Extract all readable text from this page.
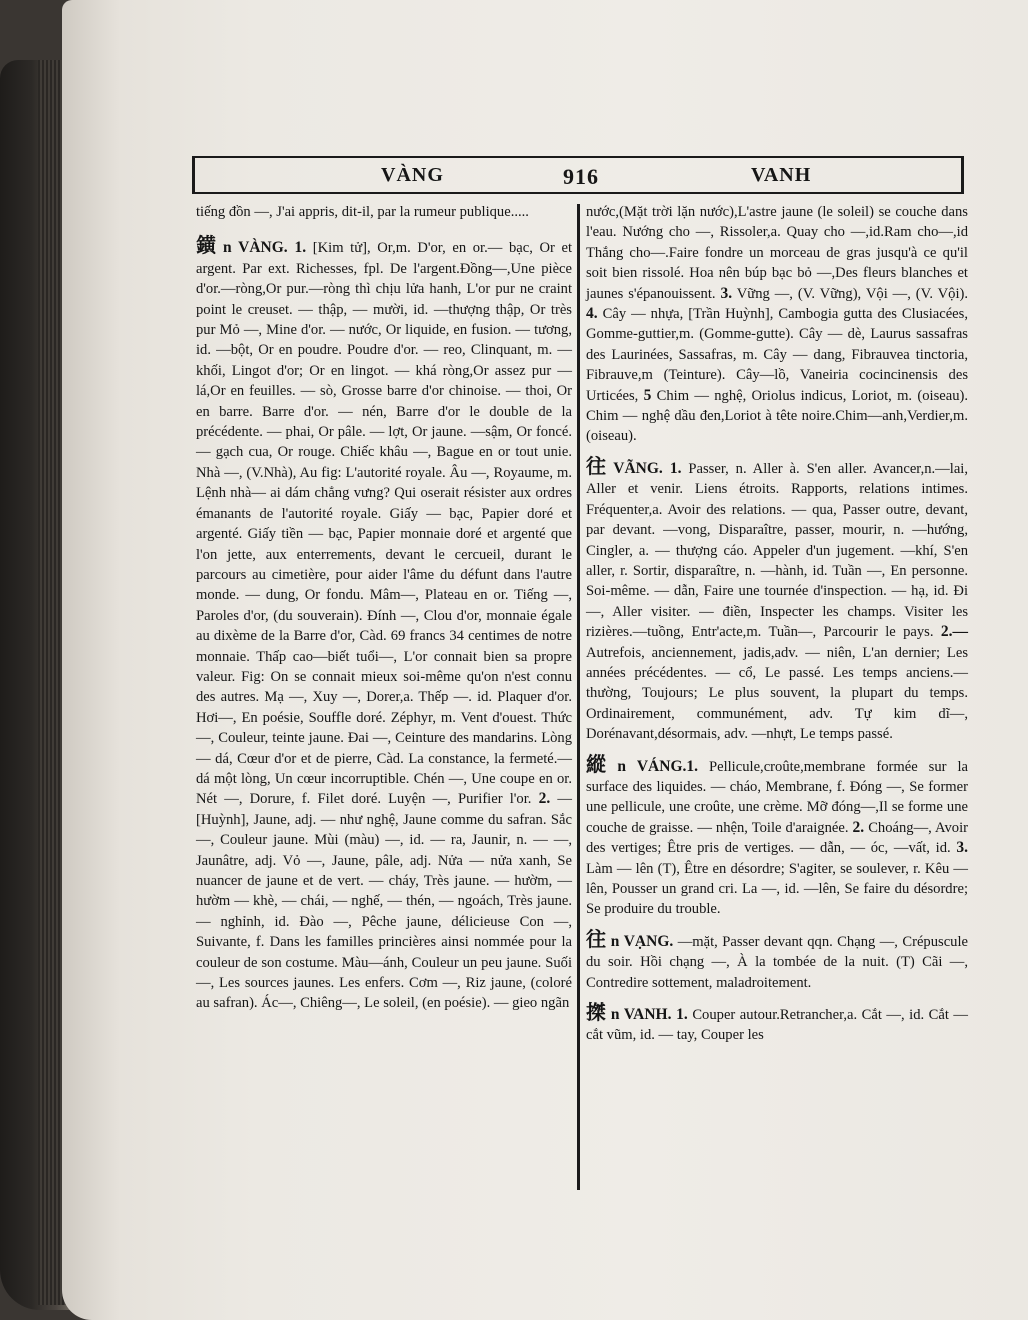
VÀNG	916	VANH

tiếng đồn —, J'ai appris, dit-il, par la rumeur publique.....

鐄 n VÀNG. 1. [Kim tử], Or,m. D'or, en or.— bạc, Or et argent. Par ext. Richesses, fpl. De l'argent.Đồng—,Une pièce d'or.—ròng,Or pur.—ròng thì chịu lửa hanh, L'or pur ne craint point le creuset. — thập, — mười, id. —thượng thập, Or très pur Mỏ —, Mine d'or. — nước, Or liquide, en fusion. — tương, id. —bột, Or en poudre. Poudre d'or. — reo, Clinquant, m. — khối, Lingot d'or; Or en lingot. — khá ròng,Or assez pur —lá,Or en feuilles. — sò, Grosse barre d'or chinoise. — thoi, Or en barre. Barre d'or. — nén, Barre d'or le double de la précédente. — phai, Or pâle. — lợt, Or jaune. —sậm, Or foncé.— gạch cua, Or rouge. Chiếc khâu —, Bague en or tout unie. Nhà —, (V.Nhà), Au fig: L'autorité royale. Âu —, Royaume, m. Lệnh nhà— ai dám chẳng vưng? Qui oserait résister aux ordres émanants de l'autorité royale. Giấy — bạc, Papier doré et argenté. Giấy tiền — bạc, Papier monnaie doré et argenté que l'on jette, aux enterrements, devant le cercueil, durant le parcours au cimetière, pour aider l'âme du défunt dans l'autre monde. — dung, Or fondu. Mâm—, Plateau en or. Tiếng —, Paroles d'or, (du souverain). Đính —, Clou d'or, monnaie égale au dixème de la Barre d'or, Càd. 69 francs 34 centimes de notre monnaie. Thấp cao—biết tuổi—, L'or connait bien sa propre valeur. Fig: On se connait mieux soi-même qu'on n'est connu des autres. Mạ —, Xuy —, Dorer,a. Thếp —. id. Plaquer d'or. Hơi—, En poésie, Souffle doré. Zéphyr, m. Vent d'ouest. Thức —, Couleur, teinte jaune. Đai —, Ceinture des mandarins. Lòng — dá, Cœur d'or et de pierre, Càd. La constance, la fermeté.—dá một lòng, Un cœur incorruptible. Chén —, Une coupe en or. Nét —, Dorure, f. Filet doré. Luyện —, Purifier l'or. 2. — [Huỳnh], Jaune, adj. — như nghệ, Jaune comme du safran. Sắc —, Couleur jaune. Mùi (màu) —, id. — ra, Jaunir, n. — —, Jaunâtre, adj. Vỏ —, Jaune, pâle, adj. Nửa — nửa xanh, Se nuancer de jaune et de vert. — cháy, Très jaune. — hườm, — hườm — khè, — chái, — nghế, — thén, — ngoách, Très jaune. — nghỉnh, id. Đào —, Pêche jaune, délicieuse Con —, Suivante, f. Dans les familles princières ainsi nommée pour la couleur de son costume. Màu—ánh, Couleur un peu jaune. Suối—, Les sources jaunes. Les enfers. Cơm —, Riz jaune, (coloré au safran). Ác—, Chiêng—, Le soleil, (en poésie). — gieo ngãn

nước,(Mặt trời lặn nước),L'astre jaune (le soleil) se couche dans l'eau. Nướng cho —, Rissoler,a. Quay cho —,id.Ram cho—,id Thắng cho—.Faire fondre un morceau de gras jusqu'à ce qu'il soit bien rissolé. Hoa nên búp bạc bỏ —,Des fleurs blanches et jaunes s'épanouissent. 3. Vững —, (V. Vững), Vội —, (V. Vội). 4. Cây — nhựa, [Trần Huỳnh], Cambogia gutta des Clusiacées, Gomme-guttier,m. (Gomme-gutte). Cây — dè, Laurus sassafras des Laurinées, Sassafras, m. Cây — dang, Fibrauvea tinctoria, Fibrauve,m (Teinture). Cây—lồ, Vaneiria cocincinensis des Urticées, 5 Chim — nghệ, Oriolus indicus, Loriot, m. (oiseau). Chim — nghệ dầu đen,Loriot à tête noire.Chim—anh,Verdier,m. (oiseau).

往 VÃNG. 1. Passer, n. Aller à. S'en aller. Avancer,n.—lai, Aller et venir. Liens étroits. Rapports, relations intimes. Fréquenter,a. Avoir des relations. — qua, Passer outre, devant, par devant. —vong, Disparaître, passer, mourir, n. —hướng, Cingler, a. — thượng cáo. Appeler d'un jugement. —khí, S'en aller, r. Sortir, disparaître, n. —hành, id. Tuần —, En personne. Soi-même. — dẫn, Faire une tournée d'inspection. — hạ, id. Đi —, Aller visiter. — điền, Inspecter les champs. Visiter les rizières.—tuồng, Entr'acte,m. Tuần—, Parcourir le pays. 2.— Autrefois, anciennement, jadis,adv. — niên, L'an dernier; Les années précédentes. — cổ, Le passé. Les temps anciens.— thường, Toujours; Le plus souvent, la plupart du temps. Ordinairement, communément, adv. Tự kim dĩ—, Dorénavant,désormais, adv. —nhựt, Le temps passé.

縱 n VÁNG.1. Pellicule,croûte,membrane formée sur la surface des liquides. — cháo, Membrane, f. Đóng —, Se former une pellicule, une croûte, une crème. Mỡ đóng—,Il se forme une couche de graisse. — nhện, Toile d'araignée. 2. Choáng—, Avoir des vertiges; Être pris de vertiges. — dẫn, — óc, —vất, id. 3. Làm — lên (T), Être en désordre; S'agiter, se soulever, r. Kêu — lên, Pousser un grand cri. La —, id. —lên, Se faire du désordre; Se produire du trouble.

往 n VẠNG. —mặt, Passer devant qqn. Chạng —, Crépuscule du soir. Hồi chạng —, À la tombée de la nuit. (T) Cãi —, Contredire sottement, maladroitement.

搩 n VANH. 1. Couper autour.Retrancher,a. Cắt —, id. Cắt — cắt vũm, id. — tay, Couper les
